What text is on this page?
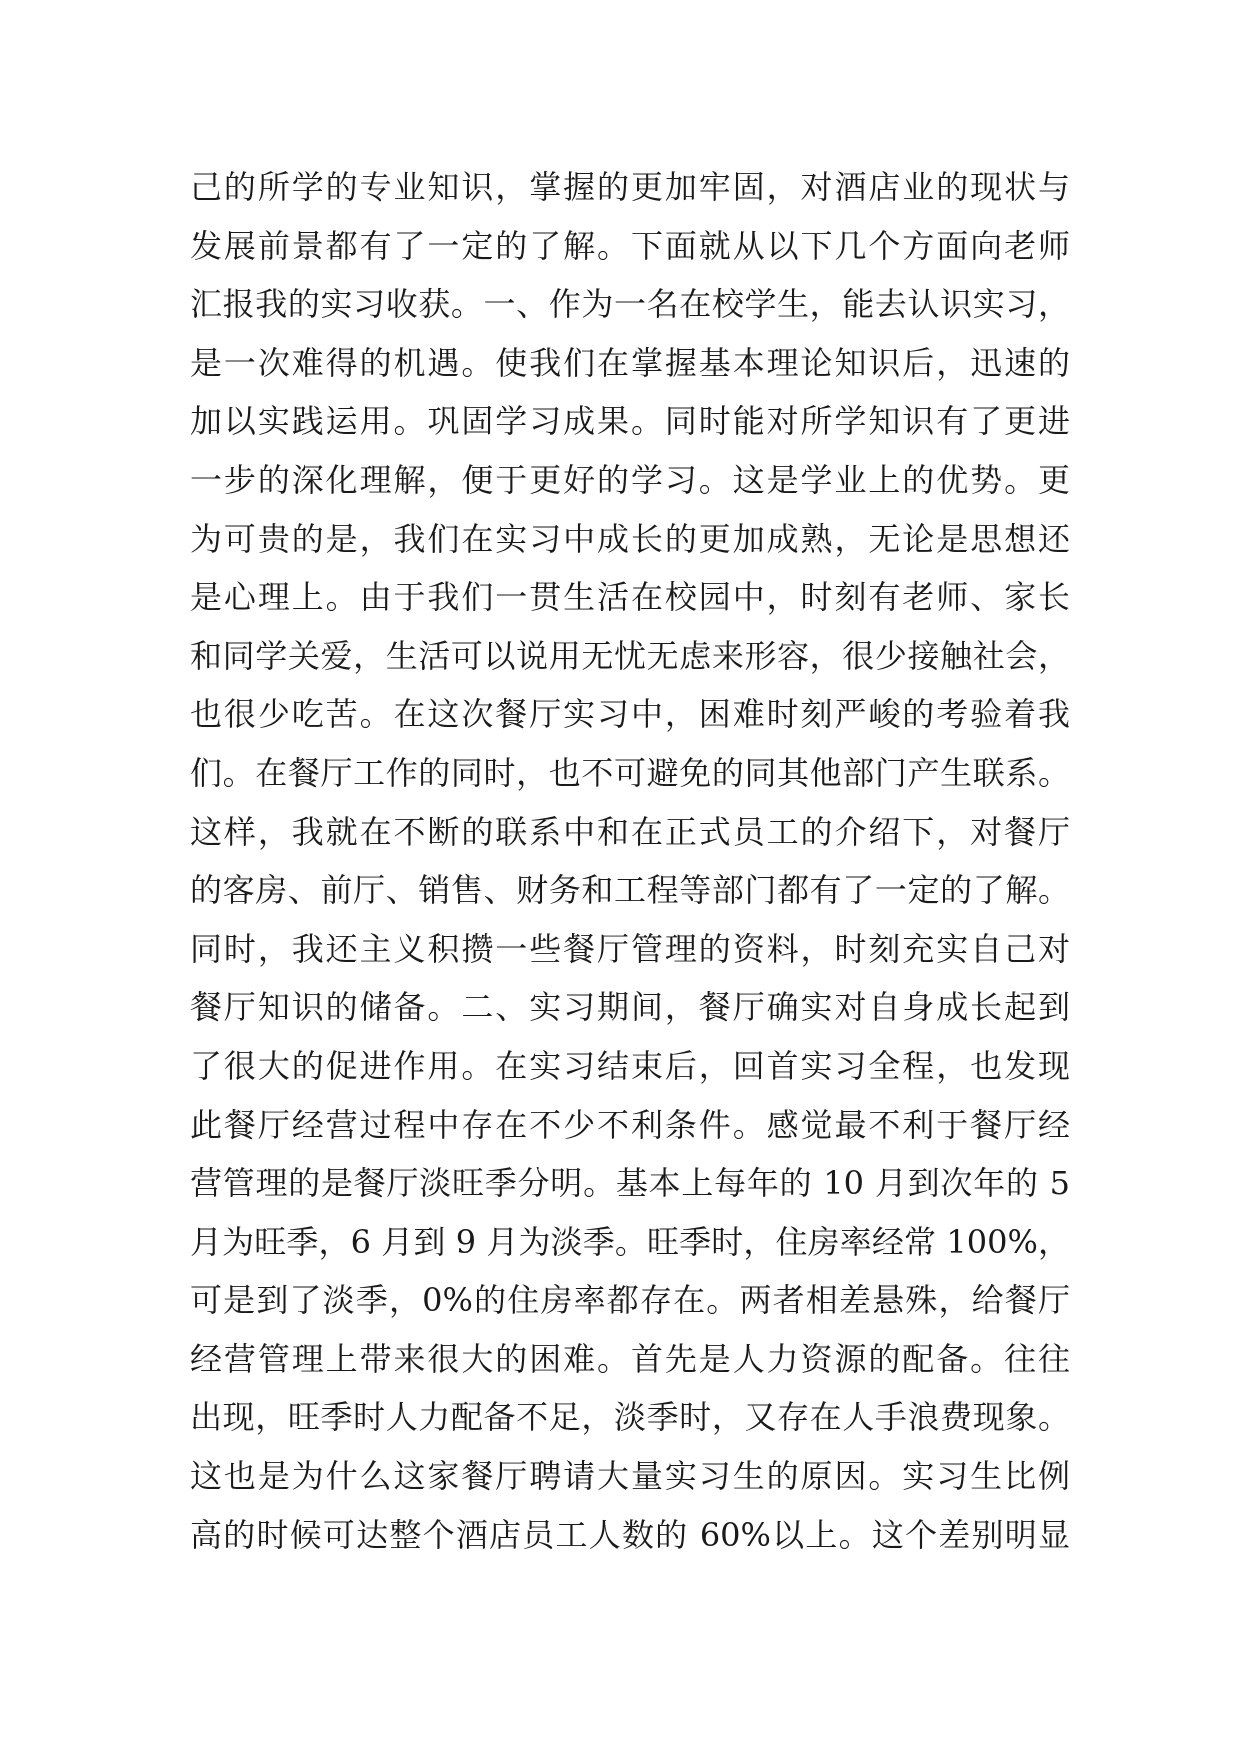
己的所学的专业知识，掌握的更加牢固，对酒店业的现状与
发展前景都有了一定的了解。下面就从以下几个方面向老师
汇报我的实习收获。一、作为一名在校学生，能去认识实习，
是一次难得的机遇。使我们在掌握基本理论知识后，迅速的
加以实践运用。巩固学习成果。同时能对所学知识有了更进
一步的深化理解，便于更好的学习。这是学业上的优势。更
为可贵的是，我们在实习中成长的更加成熟，无论是思想还
是心理上。由于我们一贯生活在校园中，时刻有老师、家长
和同学关爱，生活可以说用无忧无虑来形容，很少接触社会，
也很少吃苦。在这次餐厅实习中，困难时刻严峻的考验着我
们。在餐厅工作的同时，也不可避免的同其他部门产生联系。
这样，我就在不断的联系中和在正式员工的介绍下，对餐厅
的客房、前厅、销售、财务和工程等部门都有了一定的了解。
同时，我还主义积攒一些餐厅管理的资料，时刻充实自己对
餐厅知识的储备。二、实习期间，餐厅确实对自身成长起到
了很大的促进作用。在实习结束后，回首实习全程，也发现
此餐厅经营过程中存在不少不利条件。感觉最不利于餐厅经
营管理的是餐厅淡旺季分明。基本上每年的 10 月到次年的 5
月为旺季，6 月到 9 月为淡季。旺季时，住房率经常 100%，
可是到了淡季，0%的住房率都存在。两者相差悬殊，给餐厅
经营管理上带来很大的困难。首先是人力资源的配备。往往
出现，旺季时人力配备不足，淡季时，又存在人手浪费现象。
这也是为什么这家餐厅聘请大量实习生的原因。实习生比例
高的时候可达整个酒店员工人数的 60%以上。这个差别明显
